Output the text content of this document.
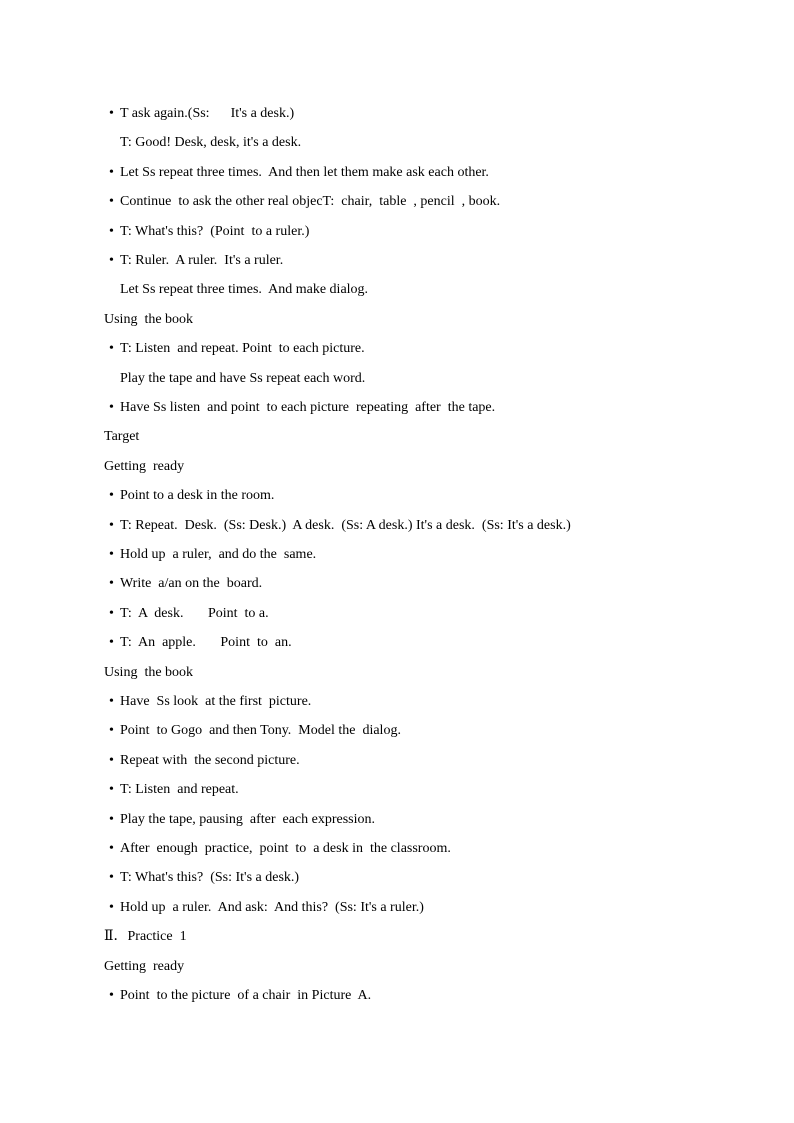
• T ask again.(Ss:      It's a desk.)
T: Good! Desk, desk, it's a desk.
• Let Ss repeat three times.  And then let them make ask each other.
• Continue  to ask the other real objecT:  chair,  table  , pencil  , book.
• T: What's this?  (Point  to a ruler.)
• T: Ruler.  A ruler.  It's a ruler.
Let Ss repeat three times.  And make dialog.
Using  the book
• T: Listen  and repeat. Point  to each picture.
Play the tape and have Ss repeat each word.
• Have Ss listen  and point  to each picture  repeating  after  the tape.
Target
Getting  ready
• Point to a desk in the room.
• T: Repeat.  Desk.  (Ss: Desk.)  A desk.  (Ss: A desk.) It's a desk.  (Ss: It's a desk.)
• Hold up  a ruler,  and do the  same.
• Write  a/an on the  board.
• T:  A  desk.       Point  to a.
• T:  An  apple.       Point  to  an.
Using  the book
• Have  Ss look  at the first  picture.
• Point  to Gogo  and then Tony.  Model the  dialog.
• Repeat with  the second picture.
• T: Listen  and repeat.
• Play the tape, pausing  after  each expression.
• After  enough  practice,  point  to  a desk in  the classroom.
• T: What's this?  (Ss: It's a desk.)
• Hold up  a ruler.  And ask:  And this?  (Ss: It's a ruler.)
Ⅱ．Practice  1
Getting  ready
• Point  to the picture  of a chair  in Picture  A.
